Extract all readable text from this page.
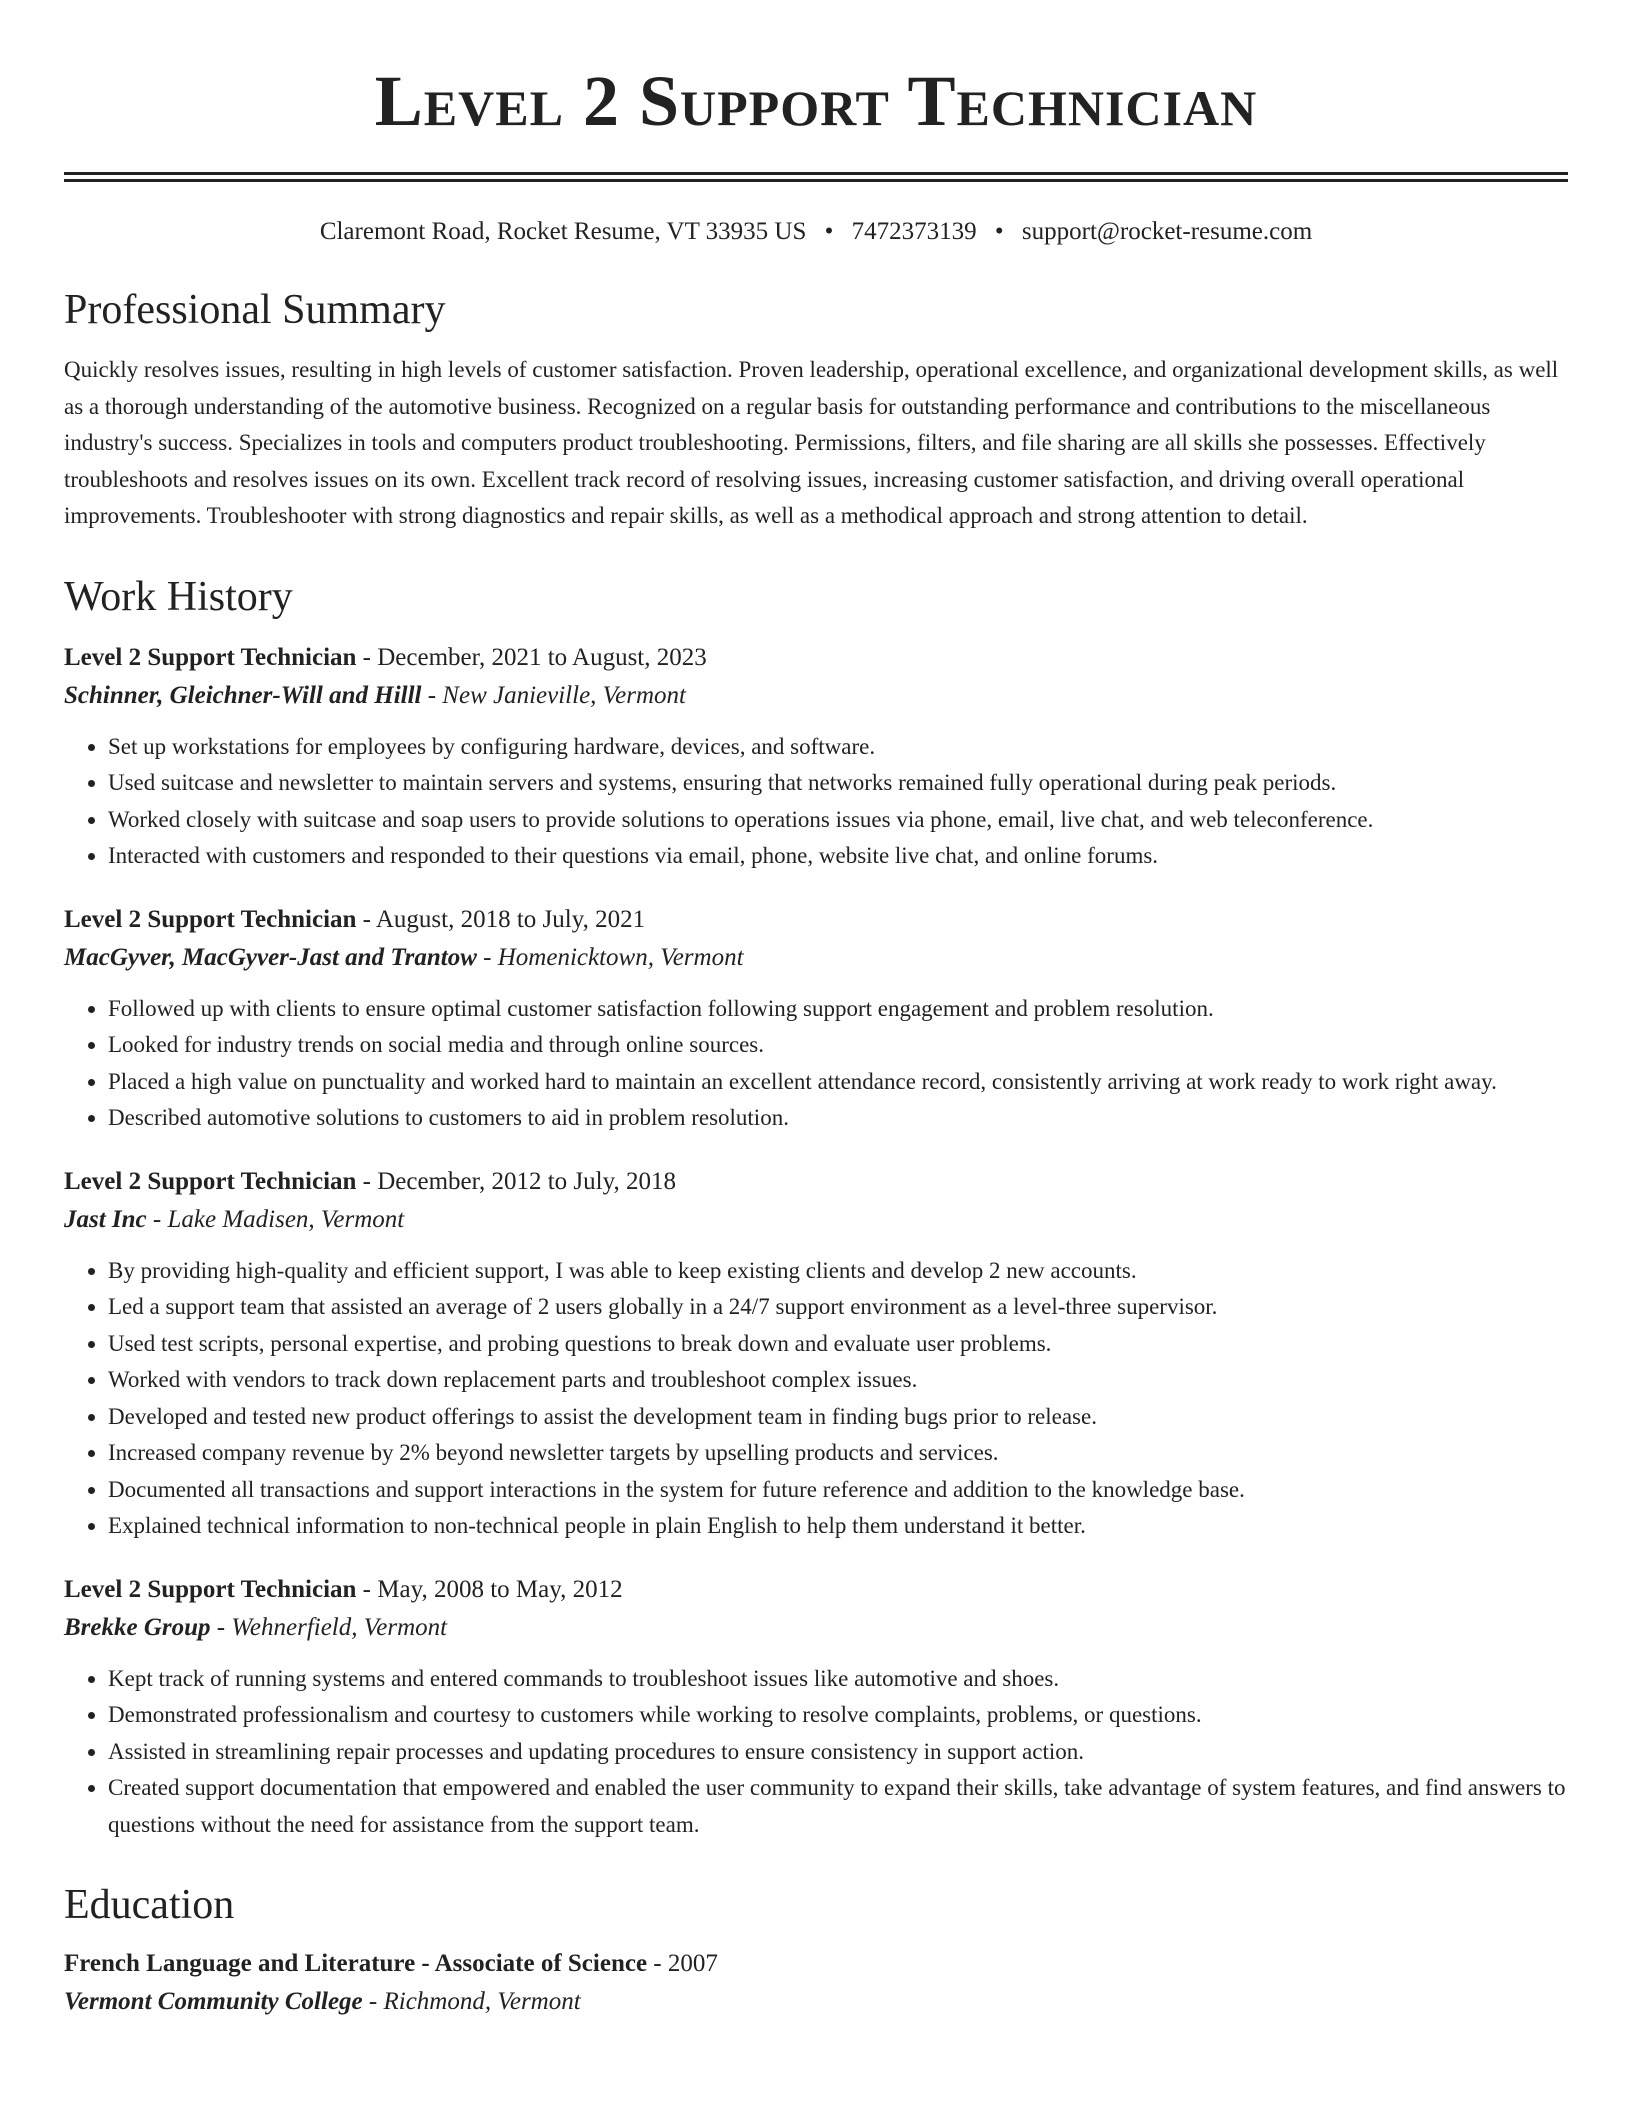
Level 2 Support Technician
Claremont Road, Rocket Resume, VT 33935 US • 7472373139 • support@rocket-resume.com
Professional Summary

Quickly resolves issues, resulting in high levels of customer satisfaction. Proven leadership, operational excellence, and organizational development skills, as well as a thorough understanding of the automotive business. Recognized on a regular basis for outstanding performance and contributions to the miscellaneous industry's success. Specializes in tools and computers product troubleshooting. Permissions, filters, and file sharing are all skills she possesses. Effectively troubleshoots and resolves issues on its own. Excellent track record of resolving issues, increasing customer satisfaction, and driving overall operational improvements. Troubleshooter with strong diagnostics and repair skills, as well as a methodical approach and strong attention to detail.

Work History
Level 2 Support Technician - December, 2021 to August, 2023
Schinner, Gleichner-Will and Hilll - New Janieville, Vermont
• Set up workstations for employees by configuring hardware, devices, and software.
• Used suitcase and newsletter to maintain servers and systems, ensuring that networks remained fully operational during peak periods.
• Worked closely with suitcase and soap users to provide solutions to operations issues via phone, email, live chat, and web teleconference.
• Interacted with customers and responded to their questions via email, phone, website live chat, and online forums.
Level 2 Support Technician - August, 2018 to July, 2021
MacGyver, MacGyver-Jast and Trantow - Homenicktown, Vermont
• Followed up with clients to ensure optimal customer satisfaction following support engagement and problem resolution.
• Looked for industry trends on social media and through online sources.
• Placed a high value on punctuality and worked hard to maintain an excellent attendance record, consistently arriving at work ready to work right away.
• Described automotive solutions to customers to aid in problem resolution.
Level 2 Support Technician - December, 2012 to July, 2018
Jast Inc - Lake Madisen, Vermont
• By providing high-quality and efficient support, I was able to keep existing clients and develop 2 new accounts.
• Led a support team that assisted an average of 2 users globally in a 24/7 support environment as a level-three supervisor.
• Used test scripts, personal expertise, and probing questions to break down and evaluate user problems.
• Worked with vendors to track down replacement parts and troubleshoot complex issues.
• Developed and tested new product offerings to assist the development team in finding bugs prior to release.
• Increased company revenue by 2% beyond newsletter targets by upselling products and services.
• Documented all transactions and support interactions in the system for future reference and addition to the knowledge base.
• Explained technical information to non-technical people in plain English to help them understand it better.
Level 2 Support Technician - May, 2008 to May, 2012
Brekke Group - Wehnerfield, Vermont
• Kept track of running systems and entered commands to troubleshoot issues like automotive and shoes.
• Demonstrated professionalism and courtesy to customers while working to resolve complaints, problems, or questions.
• Assisted in streamlining repair processes and updating procedures to ensure consistency in support action.
• Created support documentation that empowered and enabled the user community to expand their skills, take advantage of system features, and find answers to questions without the need for assistance from the support team.
Education
French Language and Literature - Associate of Science - 2007
Vermont Community College - Richmond, Vermont
